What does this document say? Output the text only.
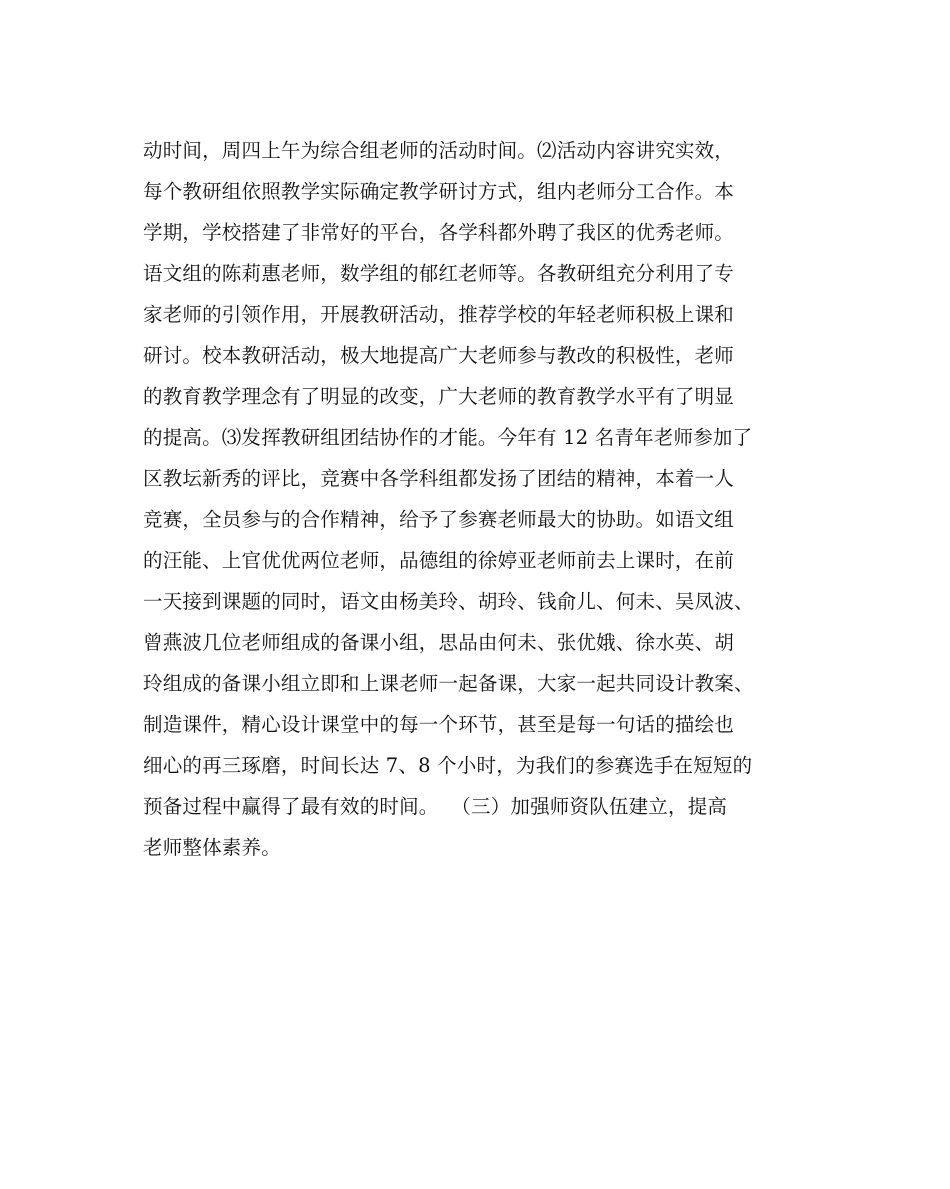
动时间，周四上午为综合组老师的活动时间。⑵活动内容讲究实效，
每个教研组依照教学实际确定教学研讨方式，组内老师分工合作。本
学期，学校搭建了非常好的平台，各学科都外聘了我区的优秀老师。
语文组的陈莉惠老师，数学组的郁红老师等。各教研组充分利用了专
家老师的引领作用，开展教研活动，推荐学校的年轻老师积极上课和
研讨。校本教研活动，极大地提高广大老师参与教改的积极性，老师
的教育教学理念有了明显的改变，广大老师的教育教学水平有了明显
的提高。⑶发挥教研组团结协作的才能。今年有 12 名青年老师参加了
区教坛新秀的评比，竞赛中各学科组都发扬了团结的精神，本着一人
竞赛，全员参与的合作精神，给予了参赛老师最大的协助。如语文组
的汪能、上官优优两位老师，品德组的徐婷亚老师前去上课时，在前
一天接到课题的同时，语文由杨美玲、胡玲、钱俞儿、何未、吴凤波、
曾燕波几位老师组成的备课小组，思品由何未、张优娥、徐水英、胡
玲组成的备课小组立即和上课老师一起备课，大家一起共同设计教案、
制造课件，精心设计课堂中的每一个环节，甚至是每一句话的描绘也
细心的再三琢磨，时间长达 7、8 个小时，为我们的参赛选手在短短的
预备过程中赢得了最有效的时间。  （三）加强师资队伍建立，提高
老师整体素养。
